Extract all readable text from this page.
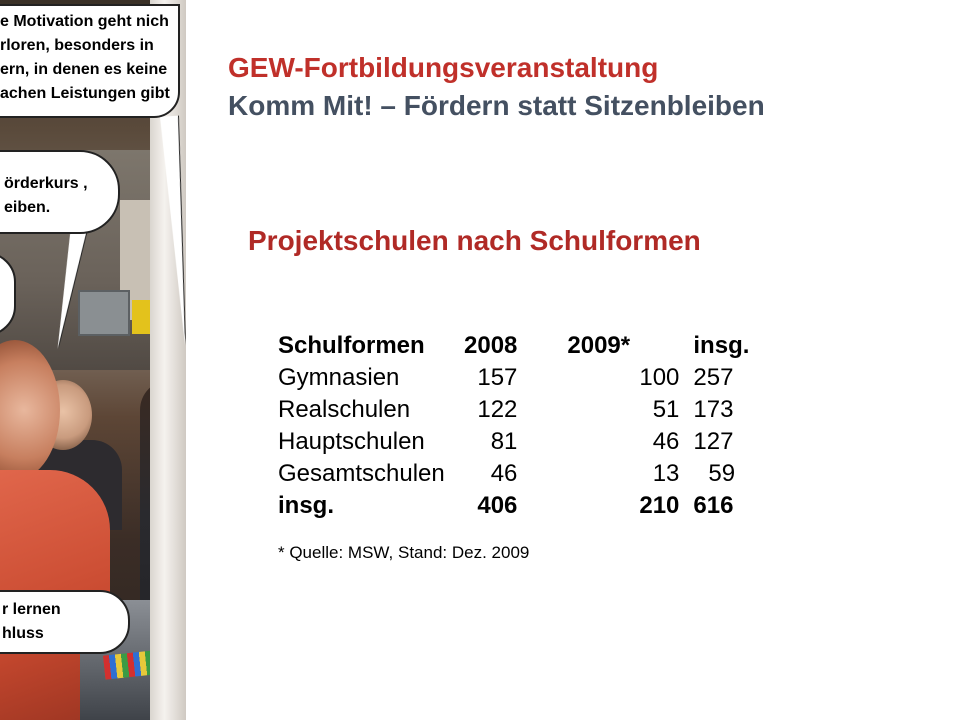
e Motivation geht nich
rloren, besonders in
ern, in denen es keine
achen Leistungen gibt
örderkurs ,
eiben.
r lernen
hluss
GEW-Fortbildungsveranstaltung
Komm Mit! – Fördern statt Sitzenbleiben
Projektschulen nach Schulformen
Schulformen	2008	2009*	insg.
Gymnasien	157	100	257
Realschulen	122	51	173
Hauptschulen	81	46	127
Gesamtschulen	46	13	59
insg.	406	210	616

* Quelle: MSW, Stand: Dez. 2009
